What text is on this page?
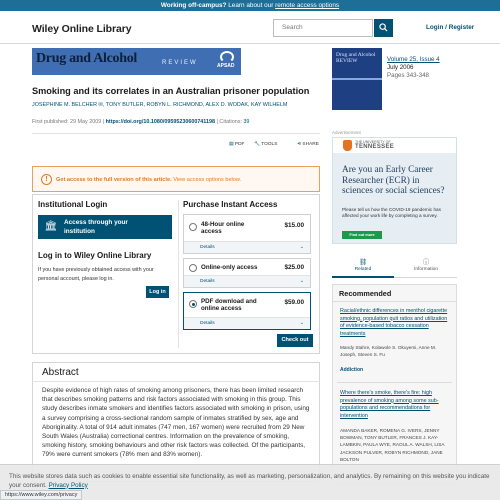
Working off-campus? Learn about our remote access options
Wiley Online Library	Search	Login / Register
Drug and Alcohol	REVIEW	APSAD
Drug and Alcohol REVIEW	Volume 25, Issue 4
July 2006
Pages 343-348
Smoking and its correlates in an Australian prisoner population
JOSEPHINE M. BELCHER ✉, TONY BUTLER, ROBYN L. RICHMOND, ALEX D. WODAK, KAY WILHELM
First published: 29 May 2009 | https://doi.org/10.1080/09595230600741198 | Citations: 39
▤ PDF 🔧 TOOLS	⋖ SHARE
!	Get access to the full version of this article. View access options below.
Institutional Login
🏛 Access through your
institution
Log in to Wiley Online Library
If you have previously obtained access with your personal account, please log in.
Log in
Purchase Instant Access
48-Hour online
access
$15.00
Details	⌄
Online-only access	$25.00
Details	⌄
PDF download and
online access
$59.00
Details	⌄
Check out
Abstract
Despite evidence of high rates of smoking among prisoners, there has been limited research that describes smoking patterns and risk factors associated with smoking in this group. This study describes inmate smokers and identifies factors associated with smoking in prison, using a survey comprising a cross-sectional random sample of inmates stratified by sex, age and Aboriginality. A total of 914 adult inmates (747 men, 167 women) were recruited from 29 New South Wales (Australia) correctional centres. Information on the prevalence of smoking, smoking history, smoking behaviours and other risk factors was collected. Of the participants, 79% were current smokers (78% men and 83% women).
Advertisement
THE UNIVERSITY OF
TENNESSEE
Are you an Early Career Researcher (ECR) in sciences or social sciences?
Please tell us how the COVID-19 pandemic has affected your work life by completing a survey.
Find out more
⛓
Related
ⓘ
Information
Recommended
Racial/ethnic differences in menthol cigarette smoking, population quit ratios and utilization of evidence-based tobacco cessation treatments
Mandy Stahre, Kolawole S. Okuyemi, Anne M. Joseph, Steven S. Fu
Addiction
Where there's smoke, there's fire: high prevalence of smoking among some sub-populations and recommendations for intervention
AMANDA BAKER, ROMENA G. IVERS, JENNY BOWMAN, TONY BUTLER, FRANCES J. KAY-LAMBKIN, PAULA WYE, RAOUL A. WALSH, LISA JACKSON PULVER, ROBYN RICHMOND, JANE BOLTON
This website stores data such as cookies to enable essential site functionality, as well as marketing, personalization, and analytics. By remaining on this website you indicate your consent. Privacy Policy
https://www.wiley.com/privacy
